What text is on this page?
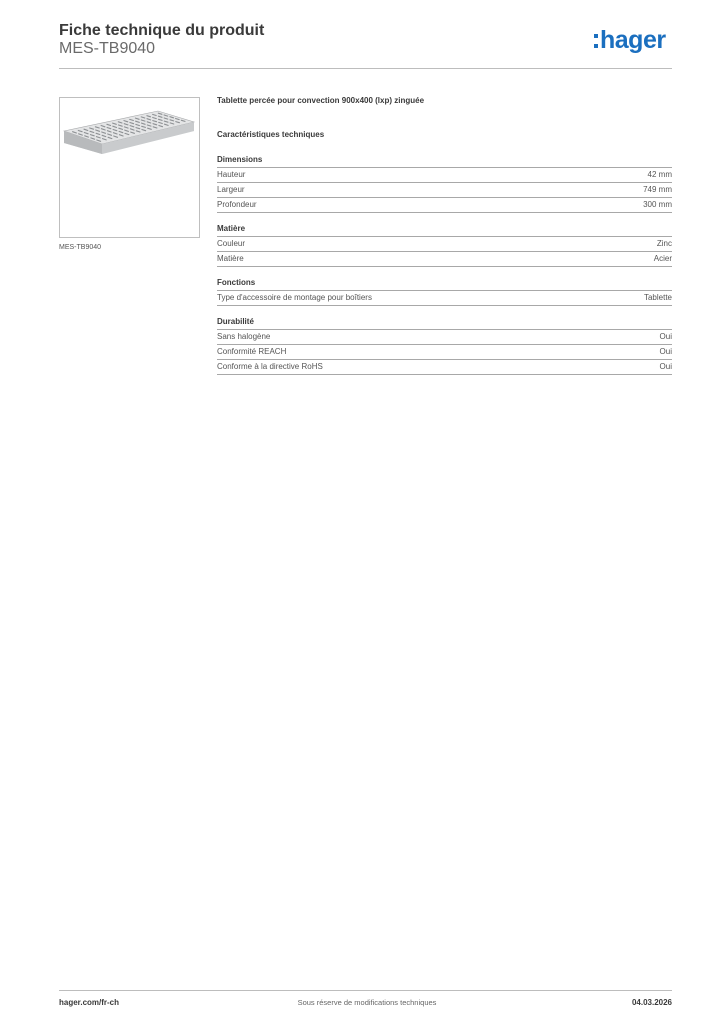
Fiche technique du produit
MES-TB9040	hager
MES-TB9040
Tablette percée pour convection 900x400 (lxp) zinguée
Caractéristiques techniques
Dimensions
Hauteur	42 mm
Largeur	749 mm
Profondeur	300 mm
Matière
Couleur	Zinc
Matière	Acier
Fonctions
Type d'accessoire de montage pour boîtiers	Tablette
Durabilité
Sans halogène	Oui
Conformité REACH	Oui
Conforme à la directive RoHS	Oui
hager.com/fr-ch	Sous réserve de modifications techniques	04.03.2026
